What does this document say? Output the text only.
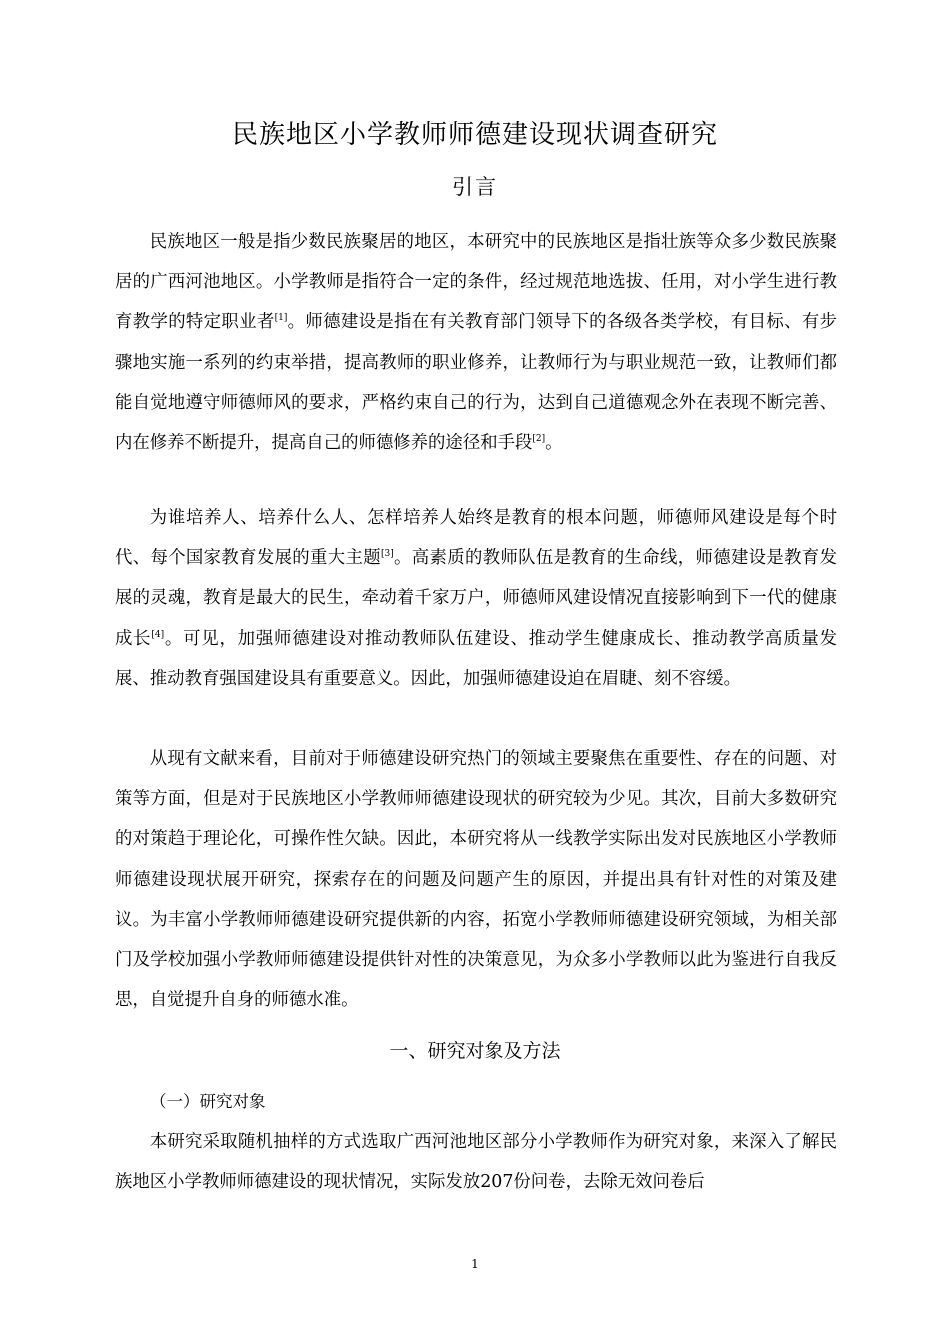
民族地区小学教师师德建设现状调查研究
引言

民族地区一般是指少数民族聚居的地区，本研究中的民族地区是指壮族等众多少数民族聚居的广西河池地区。小学教师是指符合一定的条件，经过规范地选拔、任用，对小学生进行教育教学的特定职业者[1]。师德建设是指在有关教育部门领导下的各级各类学校，有目标、有步骤地实施一系列的约束举措，提高教师的职业修养，让教师行为与职业规范一致，让教师们都能自觉地遵守师德师风的要求，严格约束自己的行为，达到自己道德观念外在表现不断完善、内在修养不断提升，提高自己的师德修养的途径和手段[2]。

为谁培养人、培养什么人、怎样培养人始终是教育的根本问题，师德师风建设是每个时代、每个国家教育发展的重大主题[3]。高素质的教师队伍是教育的生命线，师德建设是教育发展的灵魂，教育是最大的民生，牵动着千家万户，师德师风建设情况直接影响到下一代的健康成长[4]。可见，加强师德建设对推动教师队伍建设、推动学生健康成长、推动教学高质量发展、推动教育强国建设具有重要意义。因此，加强师德建设迫在眉睫、刻不容缓。

从现有文献来看，目前对于师德建设研究热门的领域主要聚焦在重要性、存在的问题、对策等方面，但是对于民族地区小学教师师德建设现状的研究较为少见。其次，目前大多数研究的对策趋于理论化，可操作性欠缺。因此，本研究将从一线教学实际出发对民族地区小学教师师德建设现状展开研究，探索存在的问题及问题产生的原因，并提出具有针对性的对策及建议。为丰富小学教师师德建设研究提供新的内容，拓宽小学教师师德建设研究领域，为相关部门及学校加强小学教师师德建设提供针对性的决策意见，为众多小学教师以此为鉴进行自我反思，自觉提升自身的师德水准。

一、研究对象及方法
（一）研究对象

本研究采取随机抽样的方式选取广西河池地区部分小学教师作为研究对象，来深入了解民族地区小学教师师德建设的现状情况，实际发放207份问卷，去除无效问卷后

1
